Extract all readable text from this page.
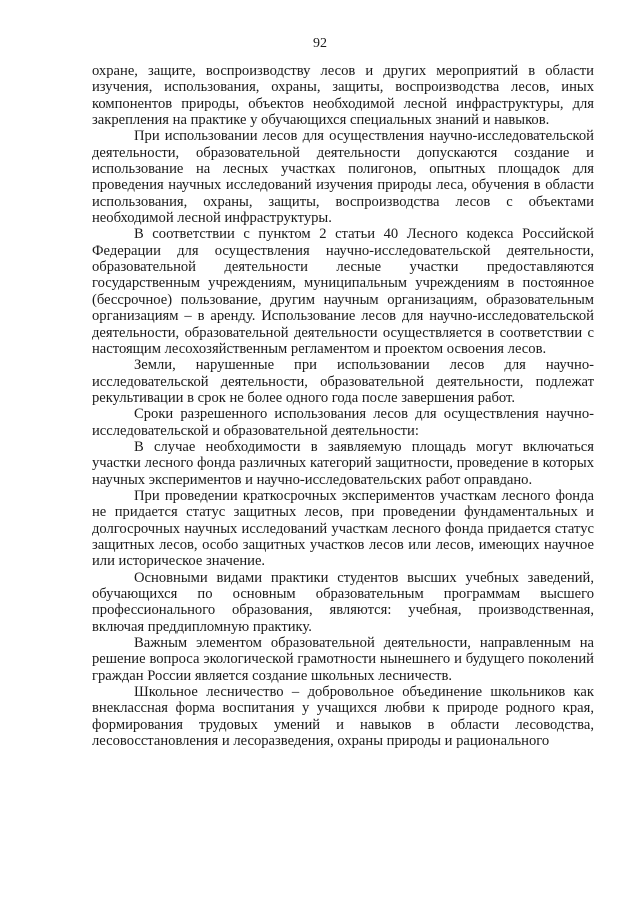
92

охране, защите, воспроизводству лесов и других мероприятий в области изучения, использования, охраны, защиты, воспроизводства лесов, иных компонентов природы, объектов необходимой лесной инфраструктуры, для закрепления на практике у обучающихся специальных знаний и навыков.

При использовании лесов для осуществления научно-исследовательской деятельности, образовательной деятельности допускаются создание и использование на лесных участках полигонов, опытных площадок для проведения научных исследований изучения природы леса, обучения в области использования, охраны, защиты, воспроизводства лесов с объектами необходимой лесной инфраструктуры.

В соответствии с пунктом 2 статьи 40 Лесного кодекса Российской Федерации для осуществления научно-исследовательской деятельности, образовательной деятельности лесные участки предоставляются государственным учреждениям, муниципальным учреждениям в постоянное (бессрочное) пользование, другим научным организациям, образовательным организациям – в аренду. Использование лесов для научно-исследовательской деятельности, образовательной деятельности осуществляется в соответствии с настоящим лесохозяйственным регламентом и проектом освоения лесов.

Земли, нарушенные при использовании лесов для научно-исследовательской деятельности, образовательной деятельности, подлежат рекультивации в срок не более одного года после завершения работ.

Сроки разрешенного использования лесов для осуществления научно-исследовательской и образовательной деятельности:

В случае необходимости в заявляемую площадь могут включаться участки лесного фонда различных категорий защитности, проведение в которых научных экспериментов и научно-исследовательских работ оправдано.

При проведении краткосрочных экспериментов участкам лесного фонда не придается статус защитных лесов, при проведении фундаментальных и долгосрочных научных исследований участкам лесного фонда придается статус защитных лесов, особо защитных участков лесов или лесов, имеющих научное или историческое значение.

Основными видами практики студентов высших учебных заведений, обучающихся по основным образовательным программам высшего профессионального образования, являются: учебная, производственная, включая преддипломную практику.

Важным элементом образовательной деятельности, направленным на решение вопроса экологической грамотности нынешнего и будущего поколений граждан России является создание школьных лесничеств.

Школьное лесничество – добровольное объединение школьников как внеклассная форма воспитания у учащихся любви к природе родного края, формирования трудовых умений и навыков в области лесоводства, лесовосстановления и лесоразведения, охраны природы и рационального
